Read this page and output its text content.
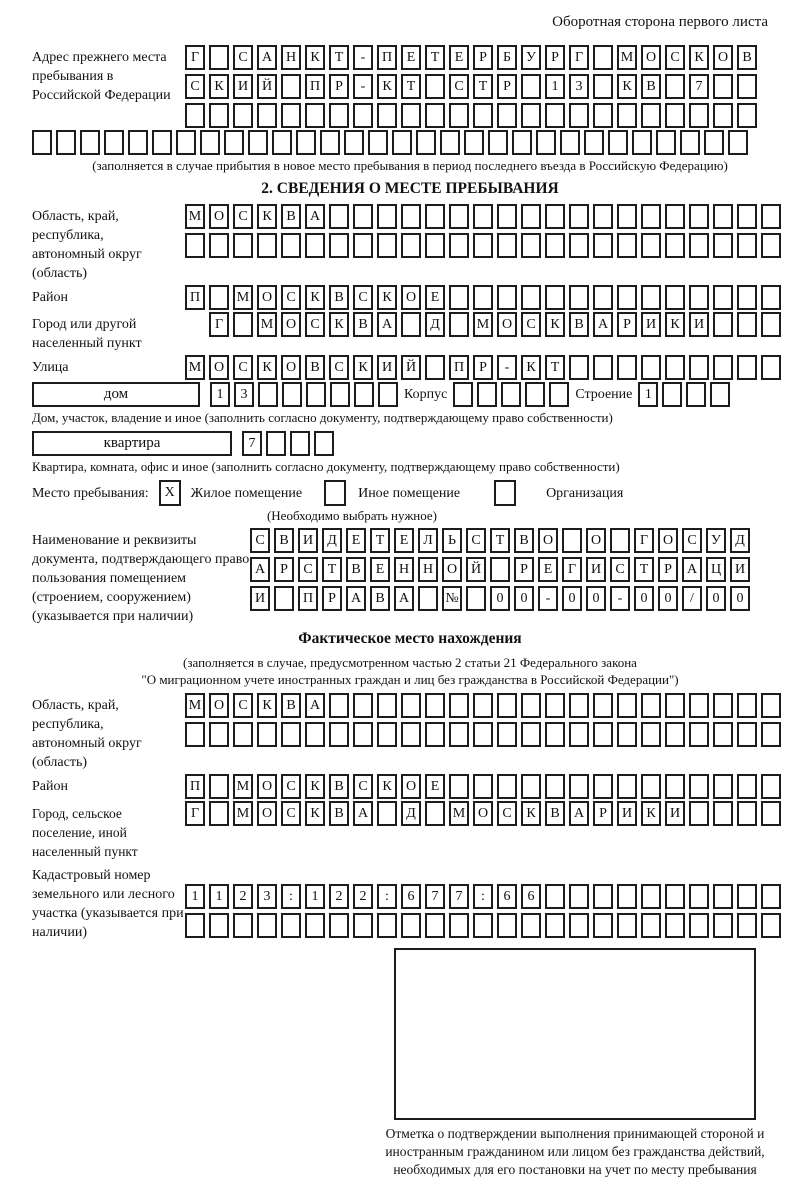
Оборотная сторона первого листа
Адрес прежнего места пребывания в Российской Федерации
Г	С	А Н	К	Т	-	П	Е	Т	Е	Р	Б	У	Р	Г	М О	С	К	О	В
С	К	И Й	П	Р	-	К	Т	С	Т	Р	1	3	К	В	7
(заполняется в случае прибытия в новое место пребывания в период последнего въезда в Российскую Федерацию)
2. СВЕДЕНИЯ О МЕСТЕ ПРЕБЫВАНИЯ
Область, край, республика, автономный округ (область)
М О	С	К	В	А
Район	П	М О	С	К	В	С	К	О	Е
Город или другой населенный пункт
Г	М О	С	К	В	А	Д	М О	С	К	В	А	Р	И	К	И
Улица	М О	С	К	О	В	С	К	И Й	П	Р	-	К	Т
дом	1	3	Корпус	Строение 1
Дом, участок, владение и иное (заполнить согласно документу, подтверждающему право собственности)
квартира	7
Квартира, комната, офис и иное (заполнить согласно документу, подтверждающему право собственности)
Место пребывания:	X	Жилое помещение	Иное помещение	Организация
(Необходимо выбрать нужное)
Наименование и реквизиты документа, подтверждающего право пользования помещением (строением, сооружением) (указывается при наличии)
С	В	И	Д	Е	Т	Е	Л	Ь	С	Т	В	О	О	Г	О	С	У	Д
А	Р	С	Т	В	Е	Н Н О Й	Р	Е	Г	И	С	Т	Р	А Ц И
И	П	Р	А	В	А	№	0	0	-	0	0	-	0	0	/	0	0
Фактическое место нахождения
(заполняется в случае, предусмотренном частью 2 статьи 21 Федерального закона
"О миграционном учете иностранных граждан и лиц без гражданства в Российской Федерации")
Область, край, республика, автономный округ (область)
М О	С	К	В	А
Район	П	М О	С	К	В	С	К	О	Е
Город, сельское поселение, иной населенный пункт
Г	М О	С	К	В	А	Д	М О	С	К	В	А	Р	И	К	И
Кадастровый номер земельного или лесного участка (указывается при наличии)
1	1	2	3	:	1	2	2	:	6	7	7	:	6	6
Отметка о подтверждении выполнения принимающей стороной и иностранным гражданином или лицом без гражданства действий, необходимых для его постановки на учет по месту пребывания
